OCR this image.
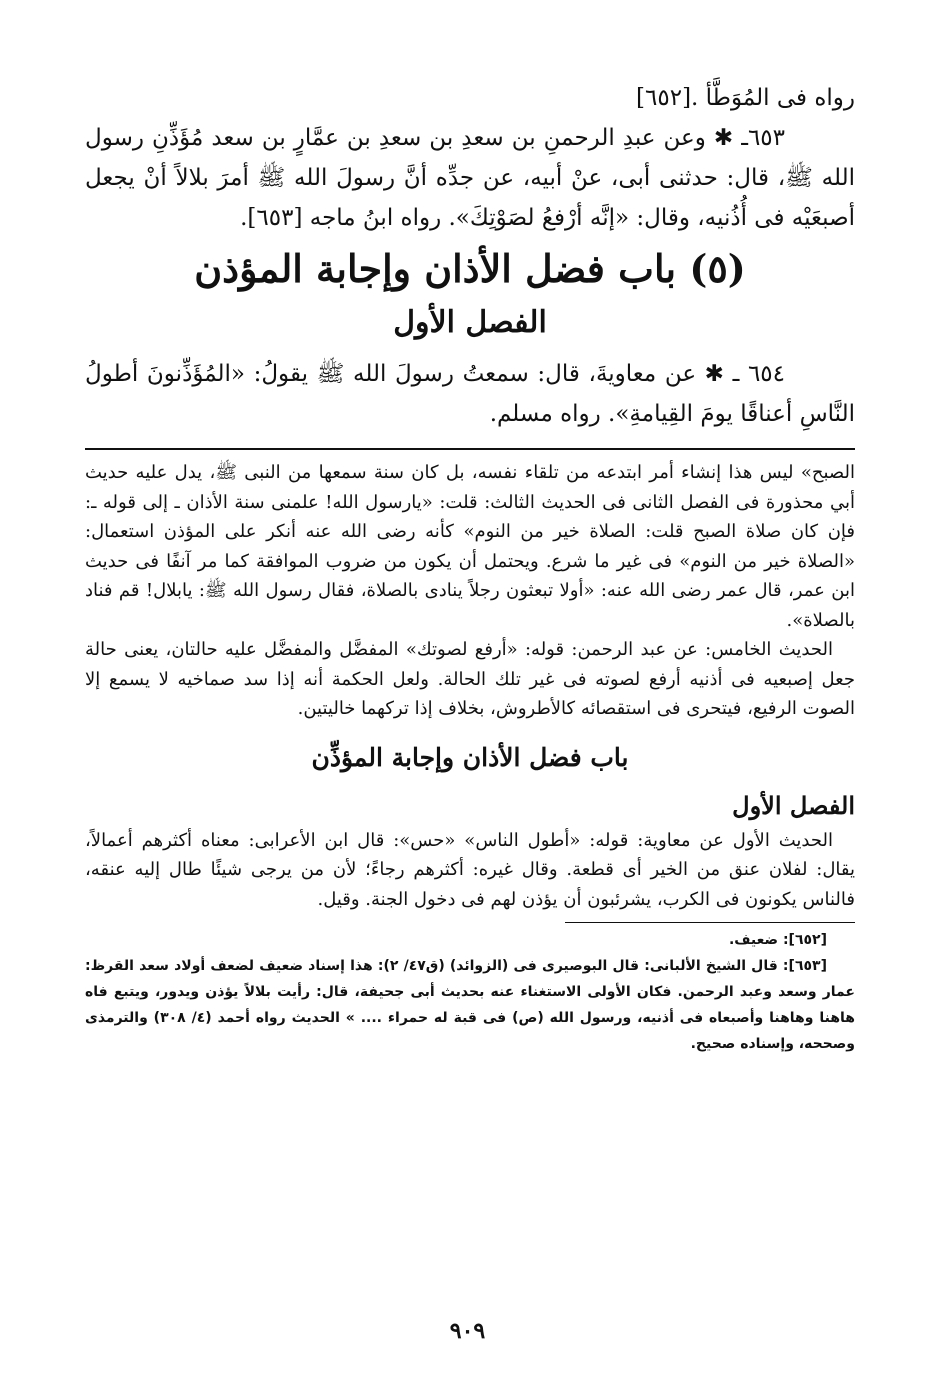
رواه فى المُوَطَّأ .[٦٥٢]

٦٥٣ـ ✱ وعن عبدِ الرحمنِ بن سعدِ بن سعدِ بن عمَّارٍ بن سعد مُؤَذِّنِ رسول الله ﷺ، قال: حدثنى أبى، عنْ أبيه، عن جدِّه أنَّ رسولَ الله ﷺ أمرَ بلالاً أنْ يجعل أصبعَيْه فى أُذُنيه، وقال: «إنَّه أرْفعُ لصَوْتِكَ». رواه ابنُ ماجه [٦٥٣].

(٥) باب فضل الأذان وإجابة المؤذن
الفصل الأول

٦٥٤ ـ ✱ عن معاويةَ، قال: سمعتُ رسولَ الله ﷺ يقولُ: «المُؤَذِّنونَ أطولُ النَّاسِ أعناقًا يومَ القِيامةِ». رواه مسلم.

الصبح» ليس هذا إنشاء أمر ابتدعه من تلقاء نفسه، بل كان سنة سمعها من النبى ﷺ، يدل عليه حديث أبي محذورة فى الفصل الثانى فى الحديث الثالث: قلت: «يارسول الله! علمنى سنة الأذان ـ إلى قوله ـ: فإن كان صلاة الصبح قلت: الصلاة خير من النوم» كأنه رضى الله عنه أنكر على المؤذن استعمال: «الصلاة خير من النوم» فى غير ما شرع. ويحتمل أن يكون من ضروب الموافقة كما مر آنفًا فى حديث ابن عمر، قال عمر رضى الله عنه: «أولا تبعثون رجلاً ينادى بالصلاة، فقال رسول الله ﷺ: يابلال! قم فناد بالصلاة».

الحديث الخامس: عن عبد الرحمن: قوله: «أرفع لصوتك» المفضَّل والمفضَّل عليه حالتان، يعنى حالة جعل إصبعيه فى أذنيه أرفع لصوته فى غير تلك الحالة. ولعل الحكمة أنه إذا سد صماخيه لا يسمع إلا الصوت الرفيع، فيتحرى فى استقصائه كالأطروش، بخلاف إذا تركهما خاليتين.

باب فضل الأذان وإجابة المؤذِّن
الفصل الأول

الحديث الأول عن معاوية: قوله: «أطول الناس» «حس»: قال ابن الأعرابى: معناه أكثرهم أعمالاً، يقال: لفلان عنق من الخير أى قطعة. وقال غيره: أكثرهم رجاءً؛ لأن من يرجى شيئًا طال إليه عنقه، فالناس يكونون فى الكرب، يشرئبون أن يؤذن لهم فى دخول الجنة. وقيل.

[٦٥٢]: ضعيف.

[٦٥٣]: قال الشيخ الألبانى: قال البوصيرى فى (الزوائد) (ق٤٧/ ٢): هذا إسناد ضعيف لضعف أولاد سعد القرظ: عمار وسعد وعبد الرحمن. فكان الأولى الاستغناء عنه بحديث أبى جحيفة، قال: رأيت بلالاً يؤذن ويدور، ويتبع فاه هاهنا وهاهنا وأصبعاه فى أذنيه، ورسول الله (ص) فى قبة له حمراء .... » الحديث رواه أحمد (٤/ ٣٠٨) والترمذى وصححه، وإسناده صحيح.

٩٠٩
